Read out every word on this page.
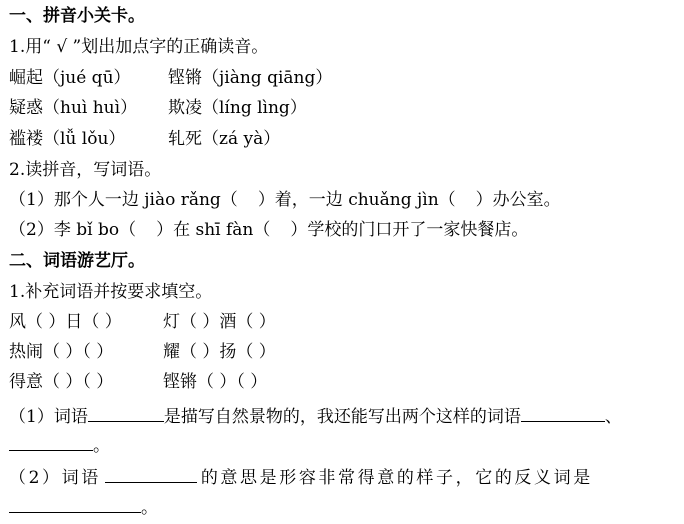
一、拼音小关卡。
1.用“ √ ”划出加点字的正确读音。
崛起（jué qū） 铿锵（jiàng qiāng）
疑惑（huì huì） 欺凌（líng lìng）
褴褛（lǚ lǒu）	轧死（zá yà）
2.读拼音，写词语。
（1）那个人一边 jiào rǎng（ ）着，一边 chuǎng jìn（ ）办公室。
（2）李 bǐ bo（ ）在 shī fàn（ ）学校的门口开了一家快餐店。
二、词语游艺厅。
1.补充词语并按要求填空。
风（ ）日（ ） 灯（ ）酒（ ）
热闹（ ）（ ）	耀（ ）扬（ ）
得意（ ）（ ）	铿锵（ ）（ ）
（1）词语	是描写自然景物的，我还能写出两个这样的词语	、
。
（2）词语	的意思是形容非常得意的样子，它的反义词是
。
